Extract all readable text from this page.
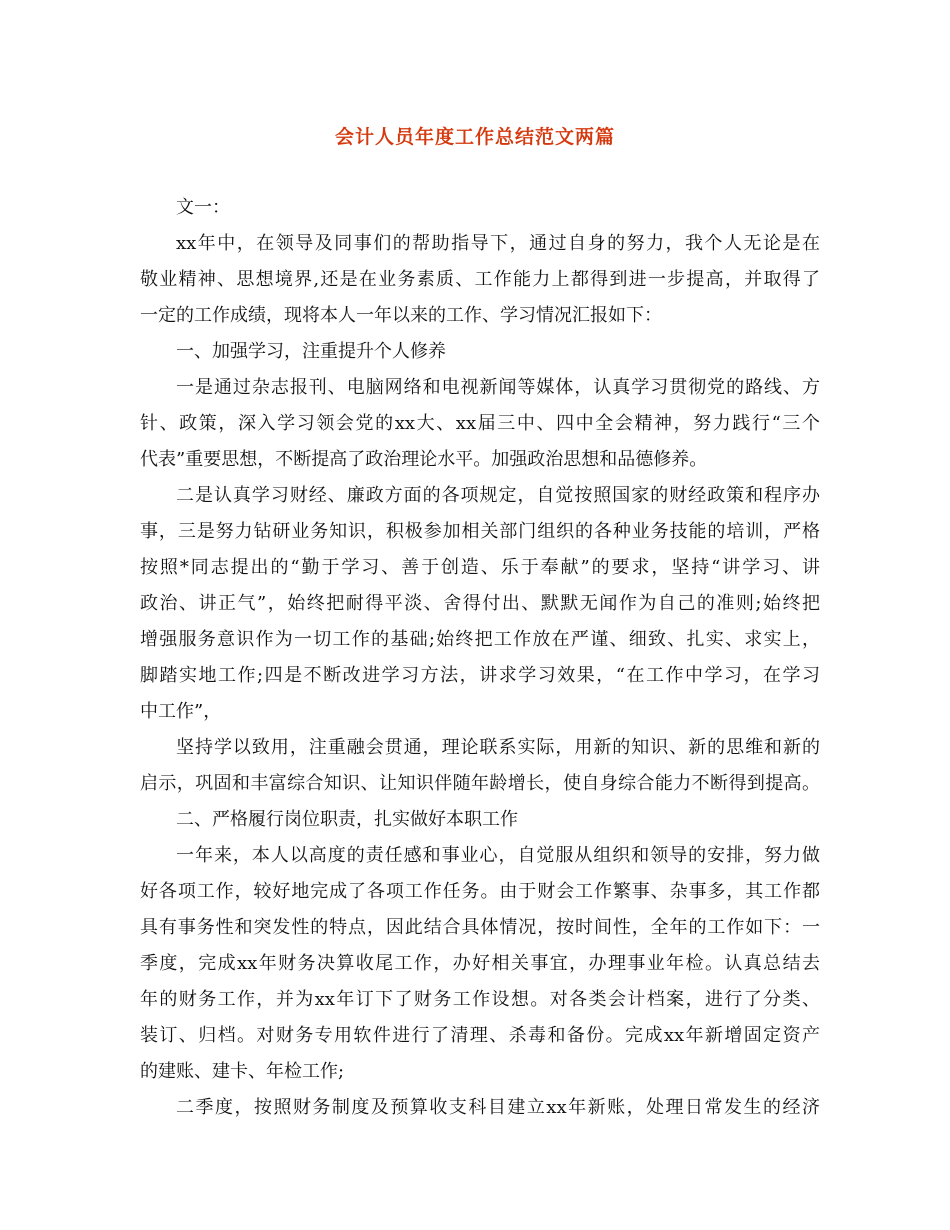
会计人员年度工作总结范文两篇
文一：
xx年中，在领导及同事们的帮助指导下，通过自身的努力，我个人无论是在
敬业精神、思想境界,还是在业务素质、工作能力上都得到进一步提高，并取得了
一定的工作成绩，现将本人一年以来的工作、学习情况汇报如下：
一、加强学习，注重提升个人修养
一是通过杂志报刊、电脑网络和电视新闻等媒体，认真学习贯彻党的路线、方
针、政策，深入学习领会党的xx大、xx届三中、四中全会精神，努力践行“三个
代表”重要思想，不断提高了政治理论水平。加强政治思想和品德修养。
二是认真学习财经、廉政方面的各项规定，自觉按照国家的财经政策和程序办
事，三是努力钻研业务知识，积极参加相关部门组织的各种业务技能的培训，严格
按照*同志提出的“勤于学习、善于创造、乐于奉献”的要求，坚持“讲学习、讲
政治、讲正气”，始终把耐得平淡、舍得付出、默默无闻作为自己的准则;始终把
增强服务意识作为一切工作的基础;始终把工作放在严谨、细致、扎实、求实上，
脚踏实地工作;四是不断改进学习方法，讲求学习效果，“在工作中学习，在学习
中工作”，
坚持学以致用，注重融会贯通，理论联系实际，用新的知识、新的思维和新的
启示，巩固和丰富综合知识、让知识伴随年龄增长，使自身综合能力不断得到提高。
二、严格履行岗位职责，扎实做好本职工作
一年来，本人以高度的责任感和事业心，自觉服从组织和领导的安排，努力做
好各项工作，较好地完成了各项工作任务。由于财会工作繁事、杂事多，其工作都
具有事务性和突发性的特点，因此结合具体情况，按时间性，全年的工作如下：一
季度，完成xx年财务决算收尾工作，办好相关事宜，办理事业年检。认真总结去
年的财务工作，并为xx年订下了财务工作设想。对各类会计档案，进行了分类、
装订、归档。对财务专用软件进行了清理、杀毒和备份。完成xx年新增固定资产
的建账、建卡、年检工作;
二季度，按照财务制度及预算收支科目建立xx年新账，处理日常发生的经济
